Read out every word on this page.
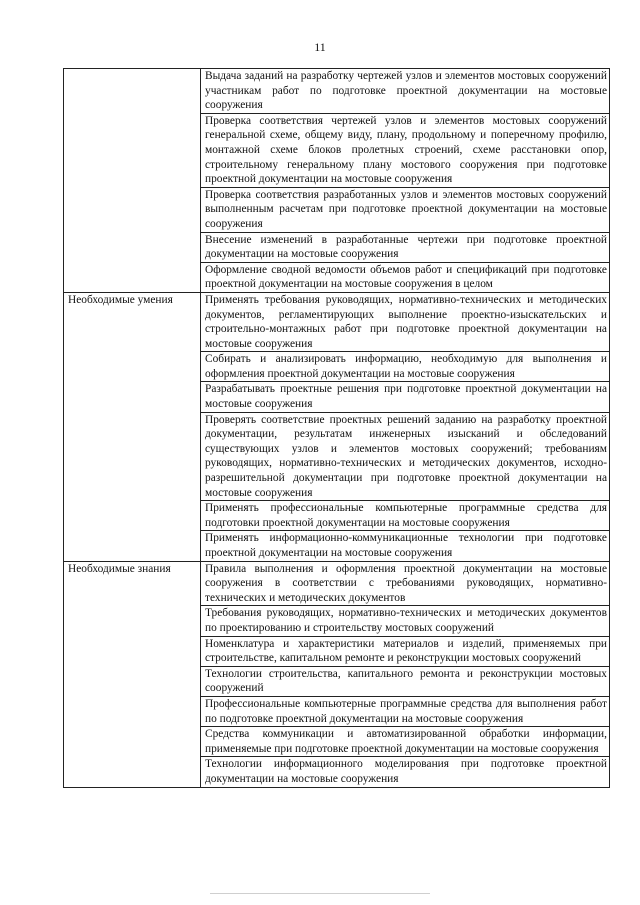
11
	Выдача заданий на разработку чертежей узлов и элементов мостовых сооружений участникам работ по подготовке проектной документации на мостовые сооружения
	Проверка соответствия чертежей узлов и элементов мостовых сооружений генеральной схеме, общему виду, плану, продольному и поперечному профилю, монтажной схеме блоков пролетных строений, схеме расстановки опор, строительному генеральному плану мостового сооружения при подготовке проектной документации на мостовые сооружения
	Проверка соответствия разработанных узлов и элементов мостовых сооружений выполненным расчетам при подготовке проектной документации на мостовые сооружения
	Внесение изменений в разработанные чертежи при подготовке проектной документации на мостовые сооружения
	Оформление сводной ведомости объемов работ и спецификаций при подготовке проектной документации на мостовые сооружения в целом
Необходимые умения	Применять требования руководящих, нормативно-технических и методических документов, регламентирующих выполнение проектно-изыскательских и строительно-монтажных работ при подготовке проектной документации на мостовые сооружения
	Собирать и анализировать информацию, необходимую для выполнения и оформления проектной документации на мостовые сооружения
	Разрабатывать проектные решения при подготовке проектной документации на мостовые сооружения
	Проверять соответствие проектных решений заданию на разработку проектной документации, результатам инженерных изысканий и обследований существующих узлов и элементов мостовых сооружений; требованиям руководящих, нормативно-технических и методических документов, исходно-разрешительной документации при подготовке проектной документации на мостовые сооружения
	Применять профессиональные компьютерные программные средства для подготовки проектной документации на мостовые сооружения
	Применять информационно-коммуникационные технологии при подготовке проектной документации на мостовые сооружения
Необходимые знания	Правила выполнения и оформления проектной документации на мостовые сооружения в соответствии с требованиями руководящих, нормативно-технических и методических документов
	Требования руководящих, нормативно-технических и методических документов по проектированию и строительству мостовых сооружений
	Номенклатура и характеристики материалов и изделий, применяемых при строительстве, капитальном ремонте и реконструкции мостовых сооружений
	Технологии строительства, капитального ремонта и реконструкции мостовых сооружений
	Профессиональные компьютерные программные средства для выполнения работ по подготовке проектной документации на мостовые сооружения
	Средства коммуникации и автоматизированной обработки информации, применяемые при подготовке проектной документации на мостовые сооружения
	Технологии информационного моделирования при подготовке проектной документации на мостовые сооружения
